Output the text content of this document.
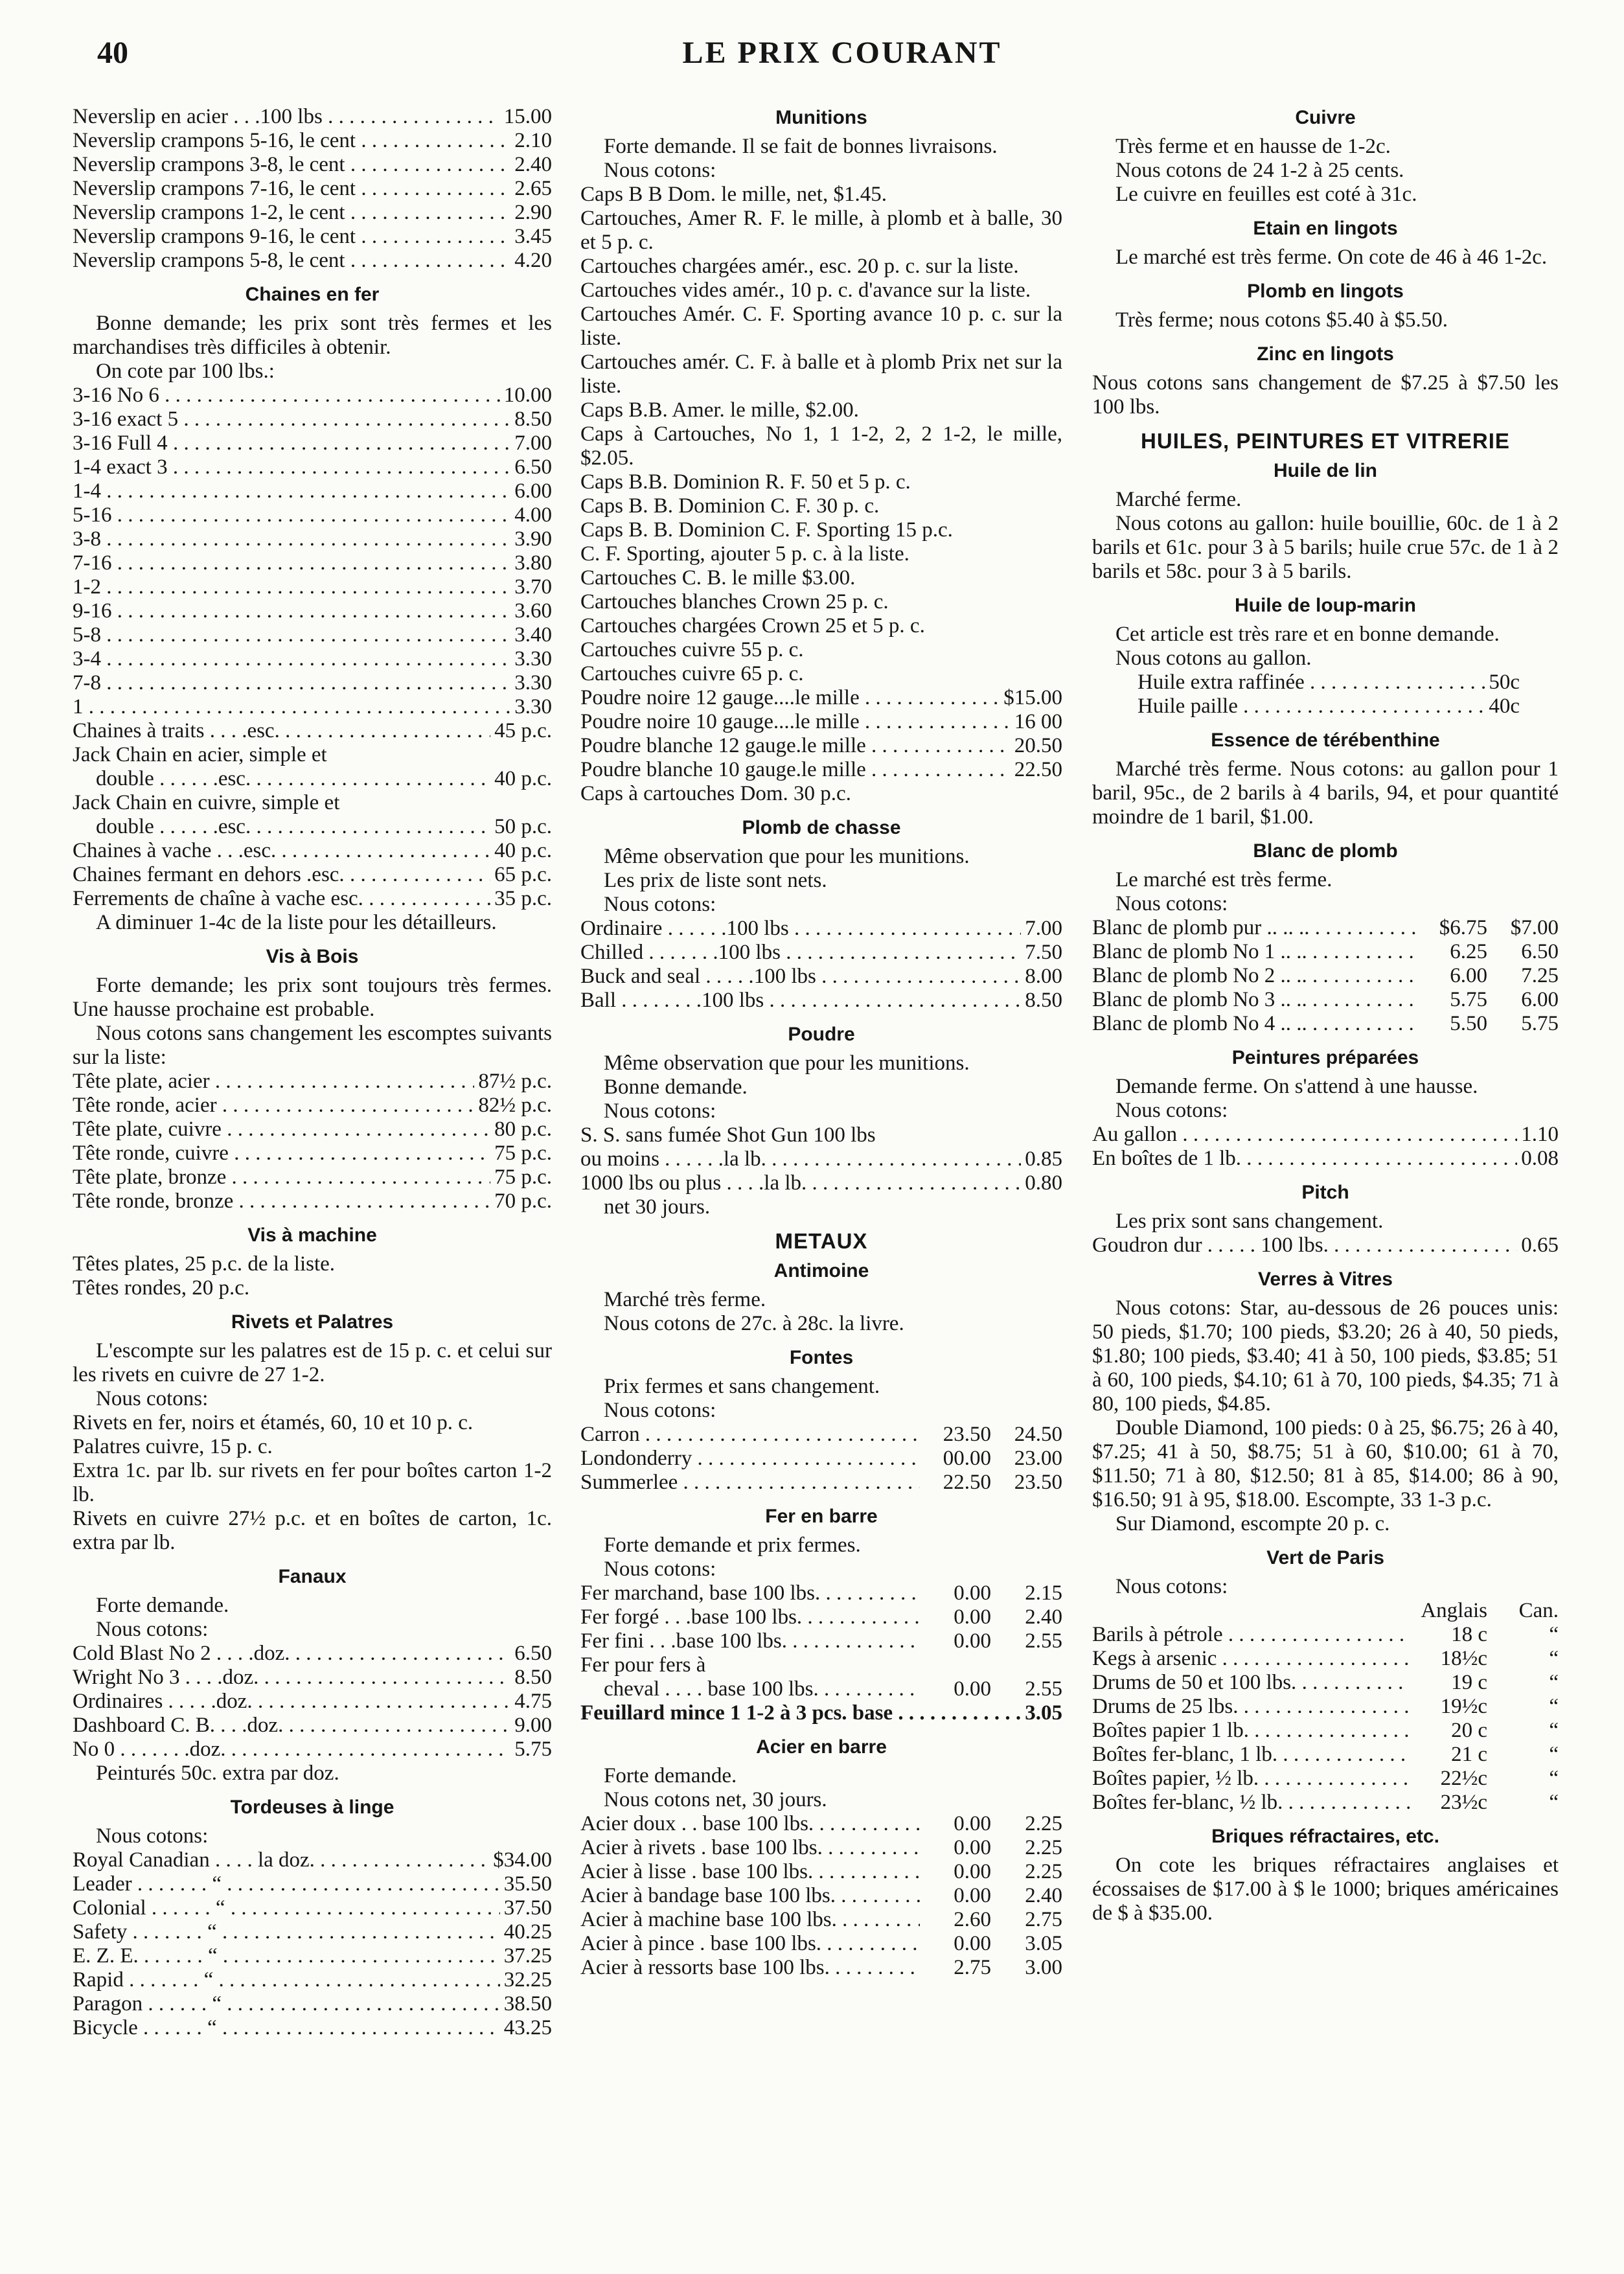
40	LE PRIX COURANT
Neverslip en acier . . .100 lbs . . .	15.00
Neverslip crampons 5-16, le cent . . . .	2.10
Neverslip crampons 3-8, le cent . . . .	2.40
Neverslip crampons 7-16, le cent . . . .	2.65
Neverslip crampons 1-2, le cent . . . .	2.90
Neverslip crampons 9-16, le cent . . . .	3.45
Neverslip crampons 5-8, le cent . . . .	4.20
Chaines en fer

Bonne demande; les prix sont très fermes et les marchandises très difficiles à obtenir.

On cote par 100 lbs.:

3-16 No 6 . . .	10.00
3-16 exact 5 . . .	8.50
3-16 Full 4 . . .	7.00
1-4 exact 3 . . .	6.50
1-4 . . .	6.00
5-16 . . .	4.00
3-8 . . .	3.90
7-16 . . .	3.80
1-2 . . .	3.70
9-16 . . .	3.60
5-8 . . .	3.40
3-4 . . .	3.30
7-8 . . .	3.30
1 . . .	3.30
Chaines à traits . . . .esc. . . .	45 p.c.
Jack Chain en acier, simple et
double . . . . . .esc. . . .	40 p.c.
Jack Chain en cuivre, simple et
double . . . . . .esc. . . .	50 p.c.
Chaines à vache . . .esc. . . .	40 p.c.
Chaines fermant en dehors .esc. . . .	65 p.c.
Ferrements de chaîne à vache esc. . . .	35 p.c.

A diminuer 1-4c de la liste pour les détailleurs.

Vis à Bois

Forte demande; les prix sont toujours très fermes. Une hausse prochaine est probable.

Nous cotons sans changement les escomptes suivants sur la liste:

Tête plate, acier . . . . . . .	87½ p.c.
Tête ronde, acier . . . . . . .	82½ p.c.
Tête plate, cuivre . . . . . . .	80 p.c.
Tête ronde, cuivre . . . . . . .	75 p.c.
Tête plate, bronze . . . . . . .	75 p.c.
Tête ronde, bronze . . . . . . .	70 p.c.
Vis à machine

Têtes plates, 25 p.c. de la liste.

Têtes rondes, 20 p.c.

Rivets et Palatres

L'escompte sur les palatres est de 15 p. c. et celui sur les rivets en cuivre de 27 1-2.

Nous cotons:

Rivets en fer, noirs et étamés, 60, 10 et 10 p. c.

Palatres cuivre, 15 p. c.

Extra 1c. par lb. sur rivets en fer pour boîtes carton 1-2 lb.

Rivets en cuivre 27½ p.c. et en boîtes de carton, 1c. extra par lb.

Fanaux

Forte demande.

Nous cotons:

Cold Blast No 2 . . . .doz. . . .	6.50
Wright No 3 . . . .doz. . . .	8.50
Ordinaires . . . . .doz. . . .	4.75
Dashboard C. B. . . .doz. . . .	9.00
No 0 . . . . . . .doz. . . .	5.75

Peinturés 50c. extra par doz.

Tordeuses à linge

Nous cotons:

Royal Canadian . . . . la doz. . . .	$34.00
Leader . . . . . . . “ . . .	35.50
Colonial . . . . . . “ . . .	37.50
Safety . . . . . . . “ . . .	40.25
E. Z. E. . . . . . . “ . . .	37.25
Rapid . . . . . . . “ . . .	32.25
Paragon . . . . . . “ . . .	38.50
Bicycle . . . . . . “ . . .	43.25
Munitions

Forte demande. Il se fait de bonnes livraisons.

Nous cotons:

Caps B B Dom. le mille, net, $1.45.

Cartouches, Amer R. F. le mille, à plomb et à balle, 30 et 5 p. c.

Cartouches chargées amér., esc. 20 p. c. sur la liste.

Cartouches vides amér., 10 p. c. d'avance sur la liste.

Cartouches Amér. C. F. Sporting avance 10 p. c. sur la liste.

Cartouches amér. C. F. à balle et à plomb Prix net sur la liste.

Caps B.B. Amer. le mille, $2.00.

Caps à Cartouches, No 1, 1 1-2, 2, 2 1-2, le mille, $2.05.

Caps B.B. Dominion R. F. 50 et 5 p. c.

Caps B. B. Dominion C. F. 30 p. c.

Caps B. B. Dominion C. F. Sporting 15 p.c.

C. F. Sporting, ajouter 5 p. c. à la liste.

Cartouches C. B. le mille $3.00.

Cartouches blanches Crown 25 p. c.

Cartouches chargées Crown 25 et 5 p. c.

Cartouches cuivre 55 p. c.

Cartouches cuivre 65 p. c.

Poudre noire 12 gauge....le mille . . .	$15.00
Poudre noire 10 gauge....le mille . . .	16 00
Poudre blanche 12 gauge.le mille . . .	20.50
Poudre blanche 10 gauge.le mille . . .	22.50

Caps à cartouches Dom. 30 p.c.

Plomb de chasse

Même observation que pour les munitions.

Les prix de liste sont nets.

Nous cotons:

Ordinaire . . . . . .100 lbs . . .	7.00
Chilled . . . . . . .100 lbs . . .	7.50
Buck and seal . . . . .100 lbs . . .	8.00
Ball . . . . . . . .100 lbs . . .	8.50
Poudre

Même observation que pour les munitions.

Bonne demande.

Nous cotons:

S. S. sans fumée Shot Gun 100 lbs

ou moins . . . . . .la lb. . . .	0.85
1000 lbs ou plus . . . .la lb. . . .	0.80

net 30 jours.

METAUX
Antimoine

Marché très ferme.

Nous cotons de 27c. à 28c. la livre.

Fontes

Prix fermes et sans changement.

Nous cotons:

Carron . . . . . . . . . . .	23.50	24.50
Londonderry . . . . . . . . .	00.00	23.00
Summerlee . . . . . . . . . .	22.50	23.50
Fer en barre

Forte demande et prix fermes.

Nous cotons:

Fer marchand, base 100 lbs. . . .	0.00	2.15
Fer forgé . . .base 100 lbs. . . .	0.00	2.40
Fer fini . . .base 100 lbs. . . .	0.00	2.55
Fer pour fers à
cheval . . . . base 100 lbs. . . .	0.00	2.55
Feuillard mince 1 1-2 à 3 pcs. base . . .	3.05
Acier en barre

Forte demande.

Nous cotons net, 30 jours.

Acier doux . . base 100 lbs. . . .	0.00	2.25
Acier à rivets . base 100 lbs. . . .	0.00	2.25
Acier à lisse . base 100 lbs. . . .	0.00	2.25
Acier à bandage base 100 lbs. . . .	0.00	2.40
Acier à machine base 100 lbs. . . .	2.60	2.75
Acier à pince . base 100 lbs. . . .	0.00	3.05
Acier à ressorts base 100 lbs. . . .	2.75	3.00
Cuivre

Très ferme et en hausse de 1-2c.

Nous cotons de 24 1-2 à 25 cents.

Le cuivre en feuilles est coté à 31c.

Etain en lingots

Le marché est très ferme. On cote de 46 à 46 1-2c.

Plomb en lingots

Très ferme; nous cotons $5.40 à $5.50.

Zinc en lingots

Nous cotons sans changement de $7.25 à $7.50 les 100 lbs.

HUILES, PEINTURES ET VITRERIE
Huile de lin

Marché ferme.

Nous cotons au gallon: huile bouillie, 60c. de 1 à 2 barils et 61c. pour 3 à 5 barils; huile crue 57c. de 1 à 2 barils et 58c. pour 3 à 5 barils.

Huile de loup-marin

Cet article est très rare et en bonne demande.

Nous cotons au gallon.

Huile extra raffinée . . . .	50c
Huile paille . . . . . . .	40c
Essence de térébenthine

Marché très ferme. Nous cotons: au gallon pour 1 baril, 95c., de 2 barils à 4 barils, 94, et pour quantité moindre de 1 baril, $1.00.

Blanc de plomb

Le marché est très ferme.

Nous cotons:

Blanc de plomb pur .. .. .. . . .	$6.75	$7.00
Blanc de plomb No 1 .. .. . . .	6.25	6.50
Blanc de plomb No 2 .. .. . . .	6.00	7.25
Blanc de plomb No 3 .. .. . . .	5.75	6.00
Blanc de plomb No 4 .. .. . . .	5.50	5.75
Peintures préparées

Demande ferme. On s'attend à une hausse.

Nous cotons:

Au gallon . . . . . . . . . . . .	1.10
En boîtes de 1 lb. . . . . . . . . .	0.08
Pitch

Les prix sont sans changement.

Goudron dur . . . . . 100 lbs. . . .	0.65
Verres à Vitres

Nous cotons: Star, au-dessous de 26 pouces unis: 50 pieds, $1.70; 100 pieds, $3.20; 26 à 40, 50 pieds, $1.80; 100 pieds, $3.40; 41 à 50, 100 pieds, $3.85; 51 à 60, 100 pieds, $4.10; 61 à 70, 100 pieds, $4.35; 71 à 80, 100 pieds, $4.85.

Double Diamond, 100 pieds: 0 à 25, $6.75; 26 à 40, $7.25; 41 à 50, $8.75; 51 à 60, $10.00; 61 à 70, $11.50; 71 à 80, $12.50; 81 à 85, $14.00; 86 à 90, $16.50; 91 à 95, $18.00. Escompte, 33 1-3 p.c.

Sur Diamond, escompte 20 p. c.

Vert de Paris

Nous cotons:

Anglais	Can.
Barils à pétrole . . . . . .	18 c	“
Kegs à arsenic . . . . . .	18½c	“
Drums de 50 et 100 lbs. . . .	19 c	“
Drums de 25 lbs. . . . . . .	19½c	“
Boîtes papier 1 lb. . . . . . .	20 c	“
Boîtes fer-blanc, 1 lb. . . . .	21 c	“
Boîtes papier, ½ lb. . . . . . .	22½c	“
Boîtes fer-blanc, ½ lb. . . . .	23½c	“
Briques réfractaires, etc.

On cote les briques réfractaires anglaises et écossaises de $17.00 à $ le 1000; briques américaines de $ à $35.00.
